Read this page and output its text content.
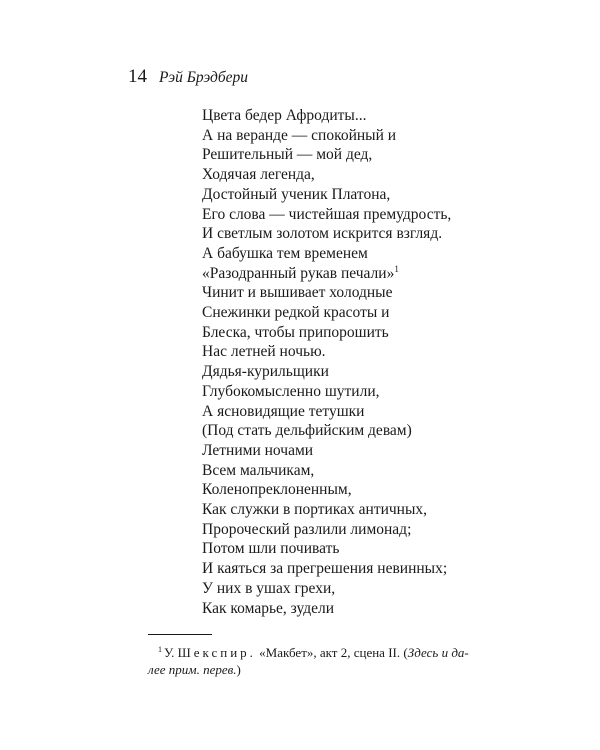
14 Рэй Брэдбери
Цвета бедер Афродиты...
А на веранде — спокойный и
Решительный — мой дед,
Ходячая легенда,
Достойный ученик Платона,
Его слова — чистейшая премудрость,
И светлым золотом искрится взгляд.
А бабушка тем временем
«Разодранный рукав печали»$^1$
Чинит и вышивает холодные
Снежинки редкой красоты и
Блеска, чтобы припорошить
Нас летней ночью.
Дядья-курильщики
Глубокомысленно шутили,
А ясновидящие тетушки
(Под стать дельфийским девам)
Летними ночами
Всем мальчикам,
Коленопреклоненным,
Как служки в портиках античных,
Пророческий разлили лимонад;
Потом шли почивать
И каяться за прегрешения невинных;
У них в ушах грехи,
Как комарье, зудели
$^1$ У. Шекспир. «Макбет», акт 2, сцена II. (Здесь и да-
лее прим. перев.)
